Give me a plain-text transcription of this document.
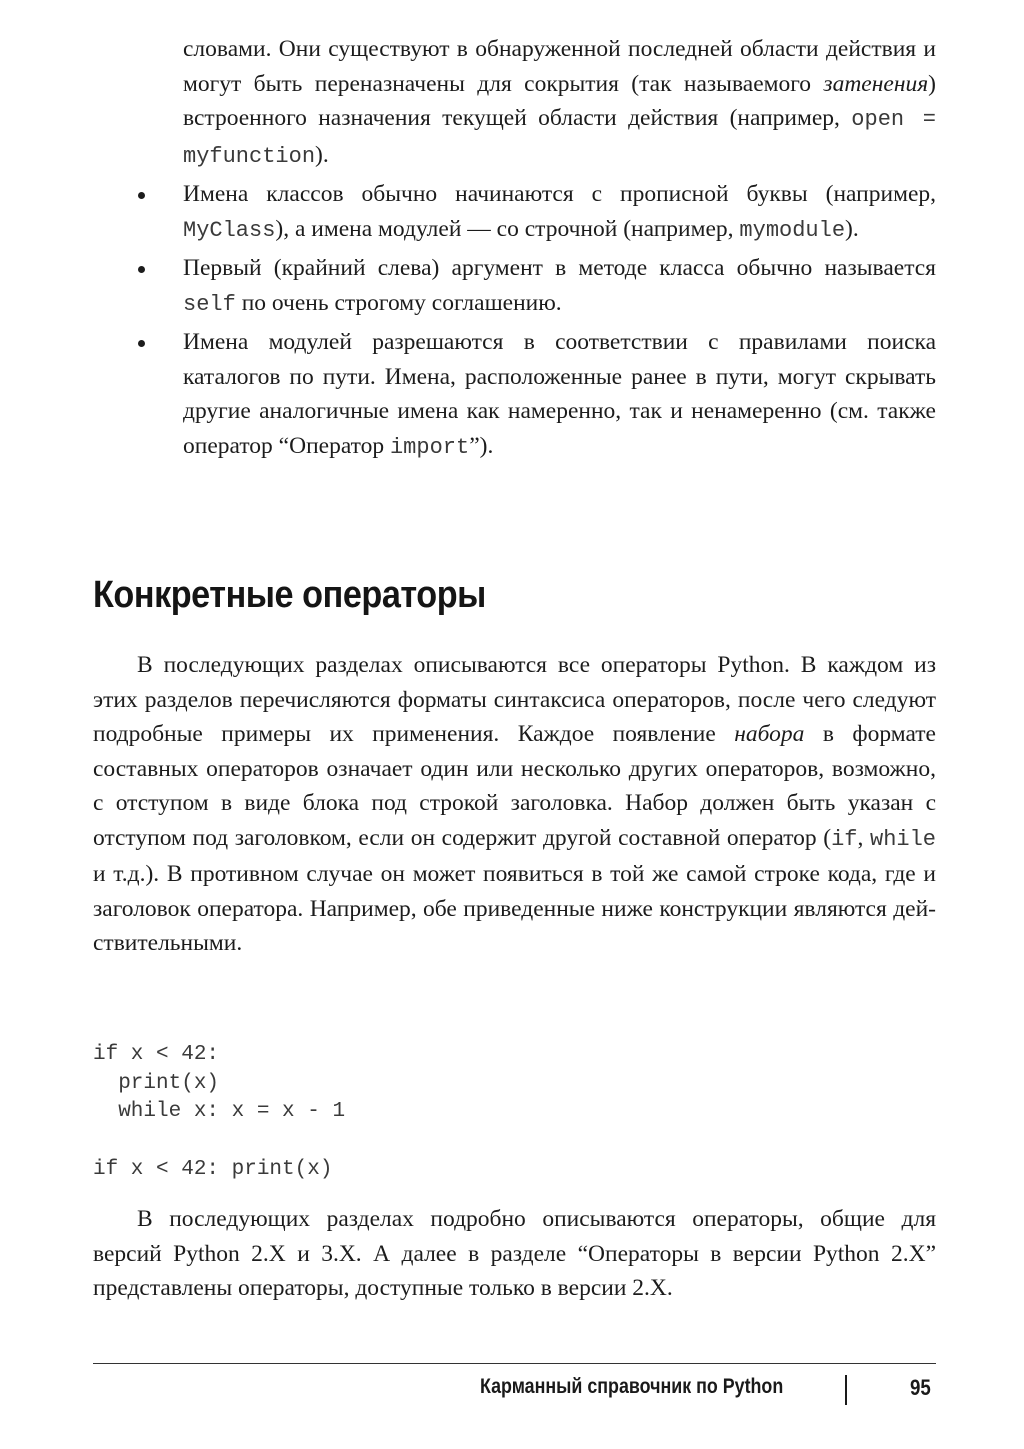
словами. Они существуют в обнаруженной последней области действия и могут быть переназначены для сокрытия (так называемого затенения) встроенного назначения текущей области действия (например, open = myfunction).
Имена классов обычно начинаются с прописной буквы (например, MyClass), а имена модулей — со строчной (например, mymodule).
Первый (крайний слева) аргумент в методе класса обычно называется self по очень строгому соглашению.
Имена модулей разрешаются в соответствии с правилами поиска каталогов по пути. Имена, расположенные ранее в пути, могут скрывать другие аналогичные имена как намеренно, так и ненамеренно (см. также оператор “Оператор import”).
Конкретные операторы

В последующих разделах описываются все операторы Python. В каждом из этих разделов перечисляются форматы синтаксиса операторов, после чего следуют подробные примеры их применения. Каждое появление набора в формате составных операторов означает один или несколько других операторов, возможно, с отступом в виде блока под строкой заголовка. Набор должен быть указан с отступом под заголовком, если он содержит другой составной оператор (if, while и т.д.). В противном случае он может появиться в той же самой строке кода, где и заголовок оператора. Например, обе приведенные ниже конструкции являются действительными.

if x < 42:
print(x)
while x: x = x - 1
if x < 42: print(x)

В последующих разделах подробно описываются операторы, общие для версий Python 2.X и 3.X. А далее в разделе “Операторы в версии Python 2.X” представлены операторы, доступные только в версии 2.X.

Карманный справочник по Python	95
